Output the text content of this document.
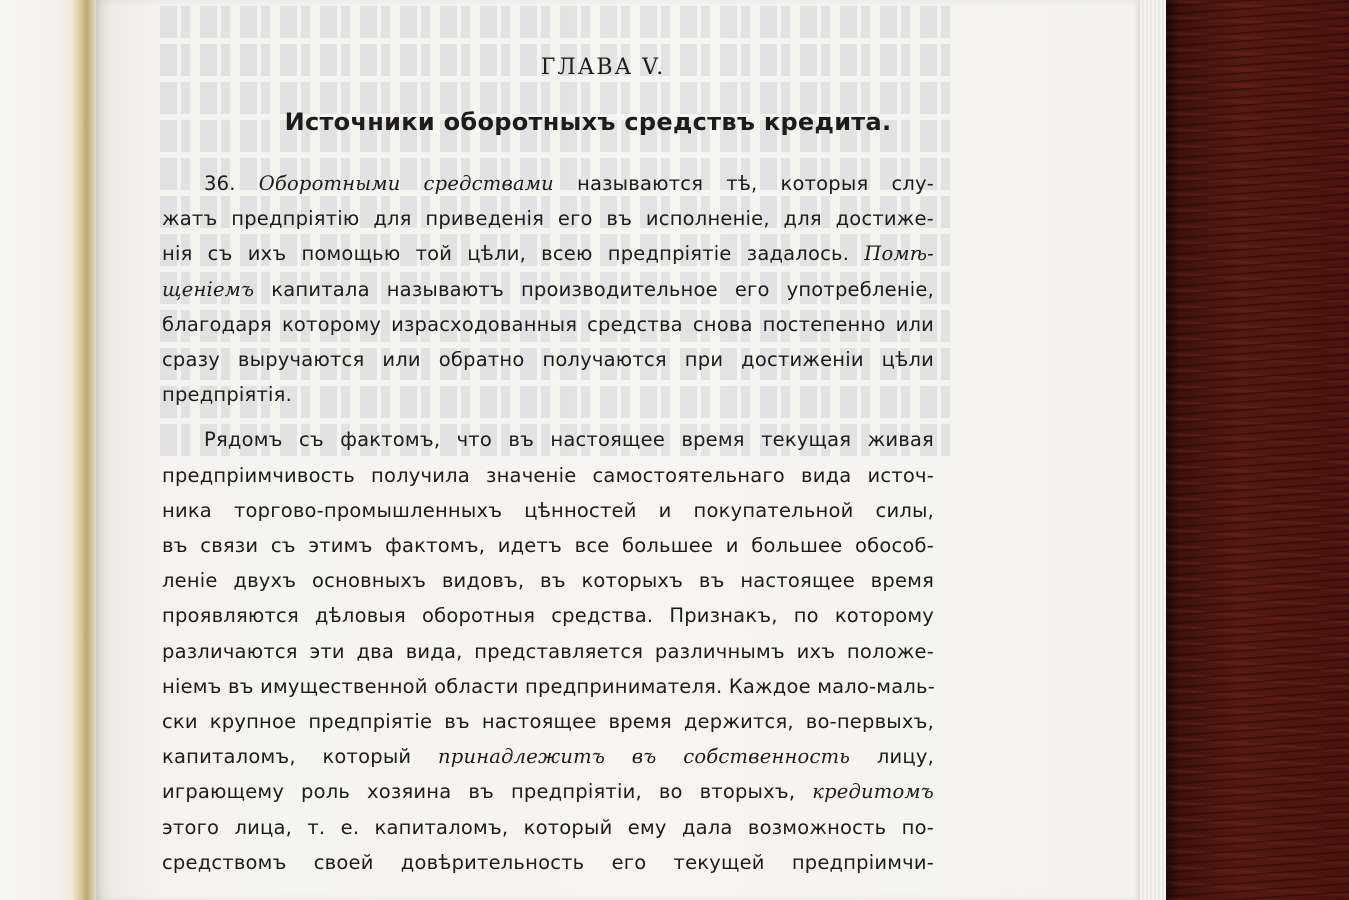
ГЛАВА V.
Источники оборотныхъ средствъ кредита.
36. Оборотными средствами называются тѣ, которыя слу-
жатъ предпріятію для приведенія его въ исполненіе, для достиже-
нія съ ихъ помощью той цѣли, всею предпріятіе задалось. Помѣ-
щеніемъ капитала называютъ производительное его употребленіе,
благодаря которому израсходованныя средства снова постепенно или
сразу выручаются или обратно получаются при достиженіи цѣли
предпріятія.
Рядомъ съ фактомъ, что въ настоящее время текущая живая
предпріимчивость получила значеніе самостоятельнаго вида источ-
ника торгово-промышленныхъ цѣнностей и покупательной силы,
въ связи съ этимъ фактомъ, идетъ все большее и большее обособ-
леніе двухъ основныхъ видовъ, въ которыхъ въ настоящее время
проявляются дѣловыя оборотныя средства. Признакъ, по которому
различаются эти два вида, представляется различнымъ ихъ положе-
ніемъ въ имущественной области предпринимателя. Каждое мало-маль-
ски крупное предпріятіе въ настоящее время держится, во-первыхъ,
капиталомъ, который принадлежитъ въ собственность лицу,
играющему роль хозяина въ предпріятіи, во вторыхъ, кредитомъ
этого лица, т. е. капиталомъ, который ему дала возможность по-
средствомъ своей довѣрительность его текущей предпріимчи-
